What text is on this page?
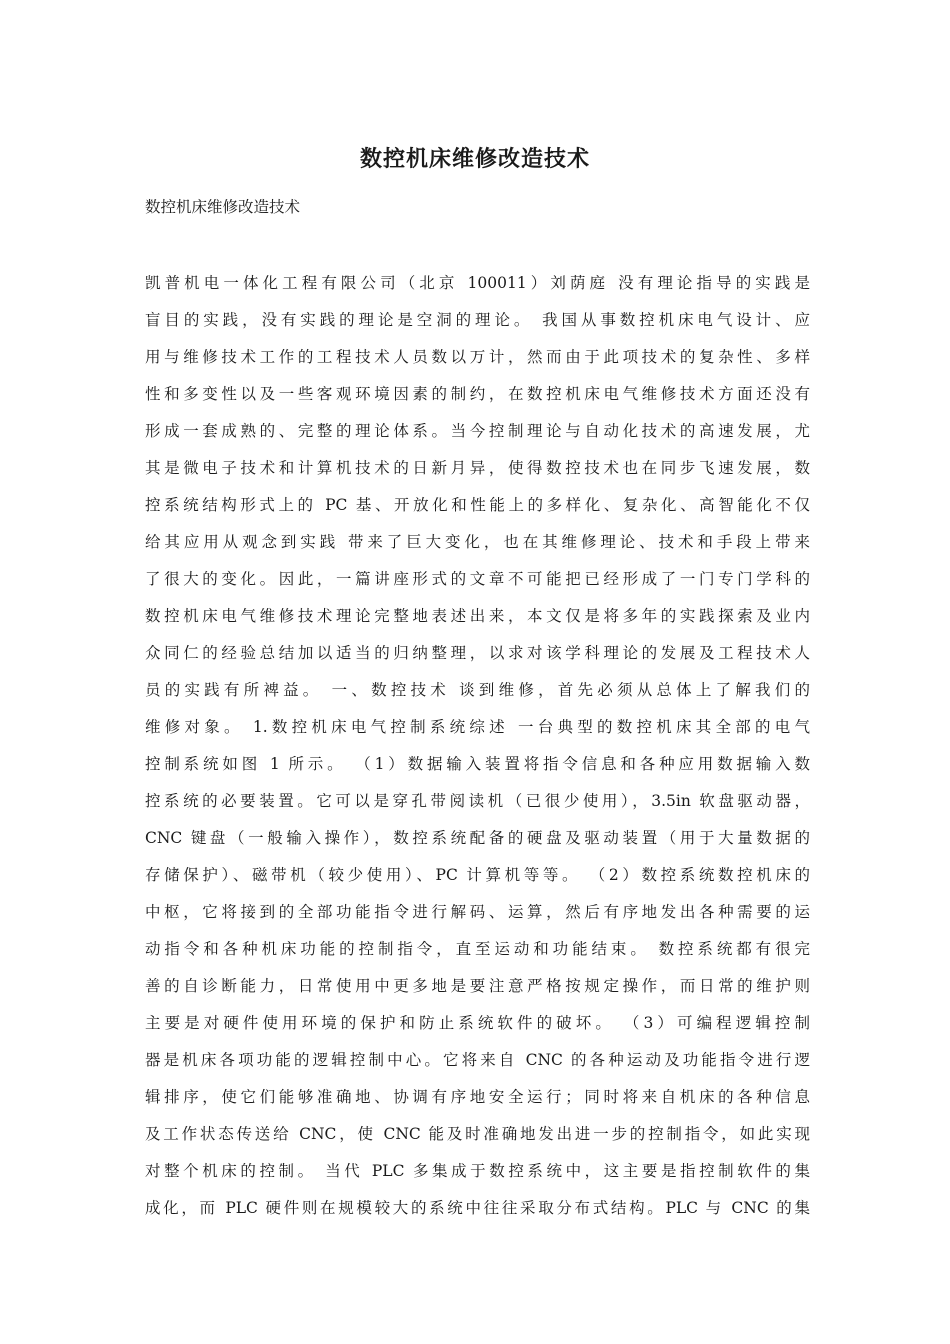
数控机床维修改造技术

数控机床维修改造技术

凯普机电一体化工程有限公司（北京 100011）刘荫庭 没有理论指导的实践是
盲目的实践，没有实践的理论是空洞的理论。 我国从事数控机床电气设计、应
用与维修技术工作的工程技术人员数以万计，然而由于此项技术的复杂性、多样
性和多变性以及一些客观环境因素的制约，在数控机床电气维修技术方面还没有
形成一套成熟的、完整的理论体系。当今控制理论与自动化技术的高速发展，尤
其是微电子技术和计算机技术的日新月异，使得数控技术也在同步飞速发展，数
控系统结构形式上的 PC 基、开放化和性能上的多样化、复杂化、高智能化不仅
给其应用从观念到实践 带来了巨大变化，也在其维修理论、技术和手段上带来
了很大的变化。因此，一篇讲座形式的文章不可能把已经形成了一门专门学科的
数控机床电气维修技术理论完整地表述出来，本文仅是将多年的实践探索及业内
众同仁的经验总结加以适当的归纳整理，以求对该学科理论的发展及工程技术人
员的实践有所裨益。 一、数控技术 谈到维修，首先必须从总体上了解我们的
维修对象。 1.数控机床电气控制系统综述 一台典型的数控机床其全部的电气
控制系统如图 1 所示。 （1）数据输入装置将指令信息和各种应用数据输入数
控系统的必要装置。它可以是穿孔带阅读机（已很少使用），3.5in 软盘驱动器，
CNC 键盘（一般输入操作），数控系统配备的硬盘及驱动装置（用于大量数据的
存储保护）、磁带机（较少使用）、PC 计算机等等。 （2）数控系统数控机床的
中枢，它将接到的全部功能指令进行解码、运算，然后有序地发出各种需要的运
动指令和各种机床功能的控制指令，直至运动和功能结束。 数控系统都有很完
善的自诊断能力，日常使用中更多地是要注意严格按规定操作，而日常的维护则
主要是对硬件使用环境的保护和防止系统软件的破坏。 （3）可编程逻辑控制
器是机床各项功能的逻辑控制中心。它将来自 CNC 的各种运动及功能指令进行逻
辑排序，使它们能够准确地、协调有序地安全运行；同时将来自机床的各种信息
及工作状态传送给 CNC，使 CNC 能及时准确地发出进一步的控制指令，如此实现
对整个机床的控制。 当代 PLC 多集成于数控系统中，这主要是指控制软件的集
成化，而 PLC 硬件则在规模较大的系统中往往采取分布式结构。PLC 与 CNC 的集
